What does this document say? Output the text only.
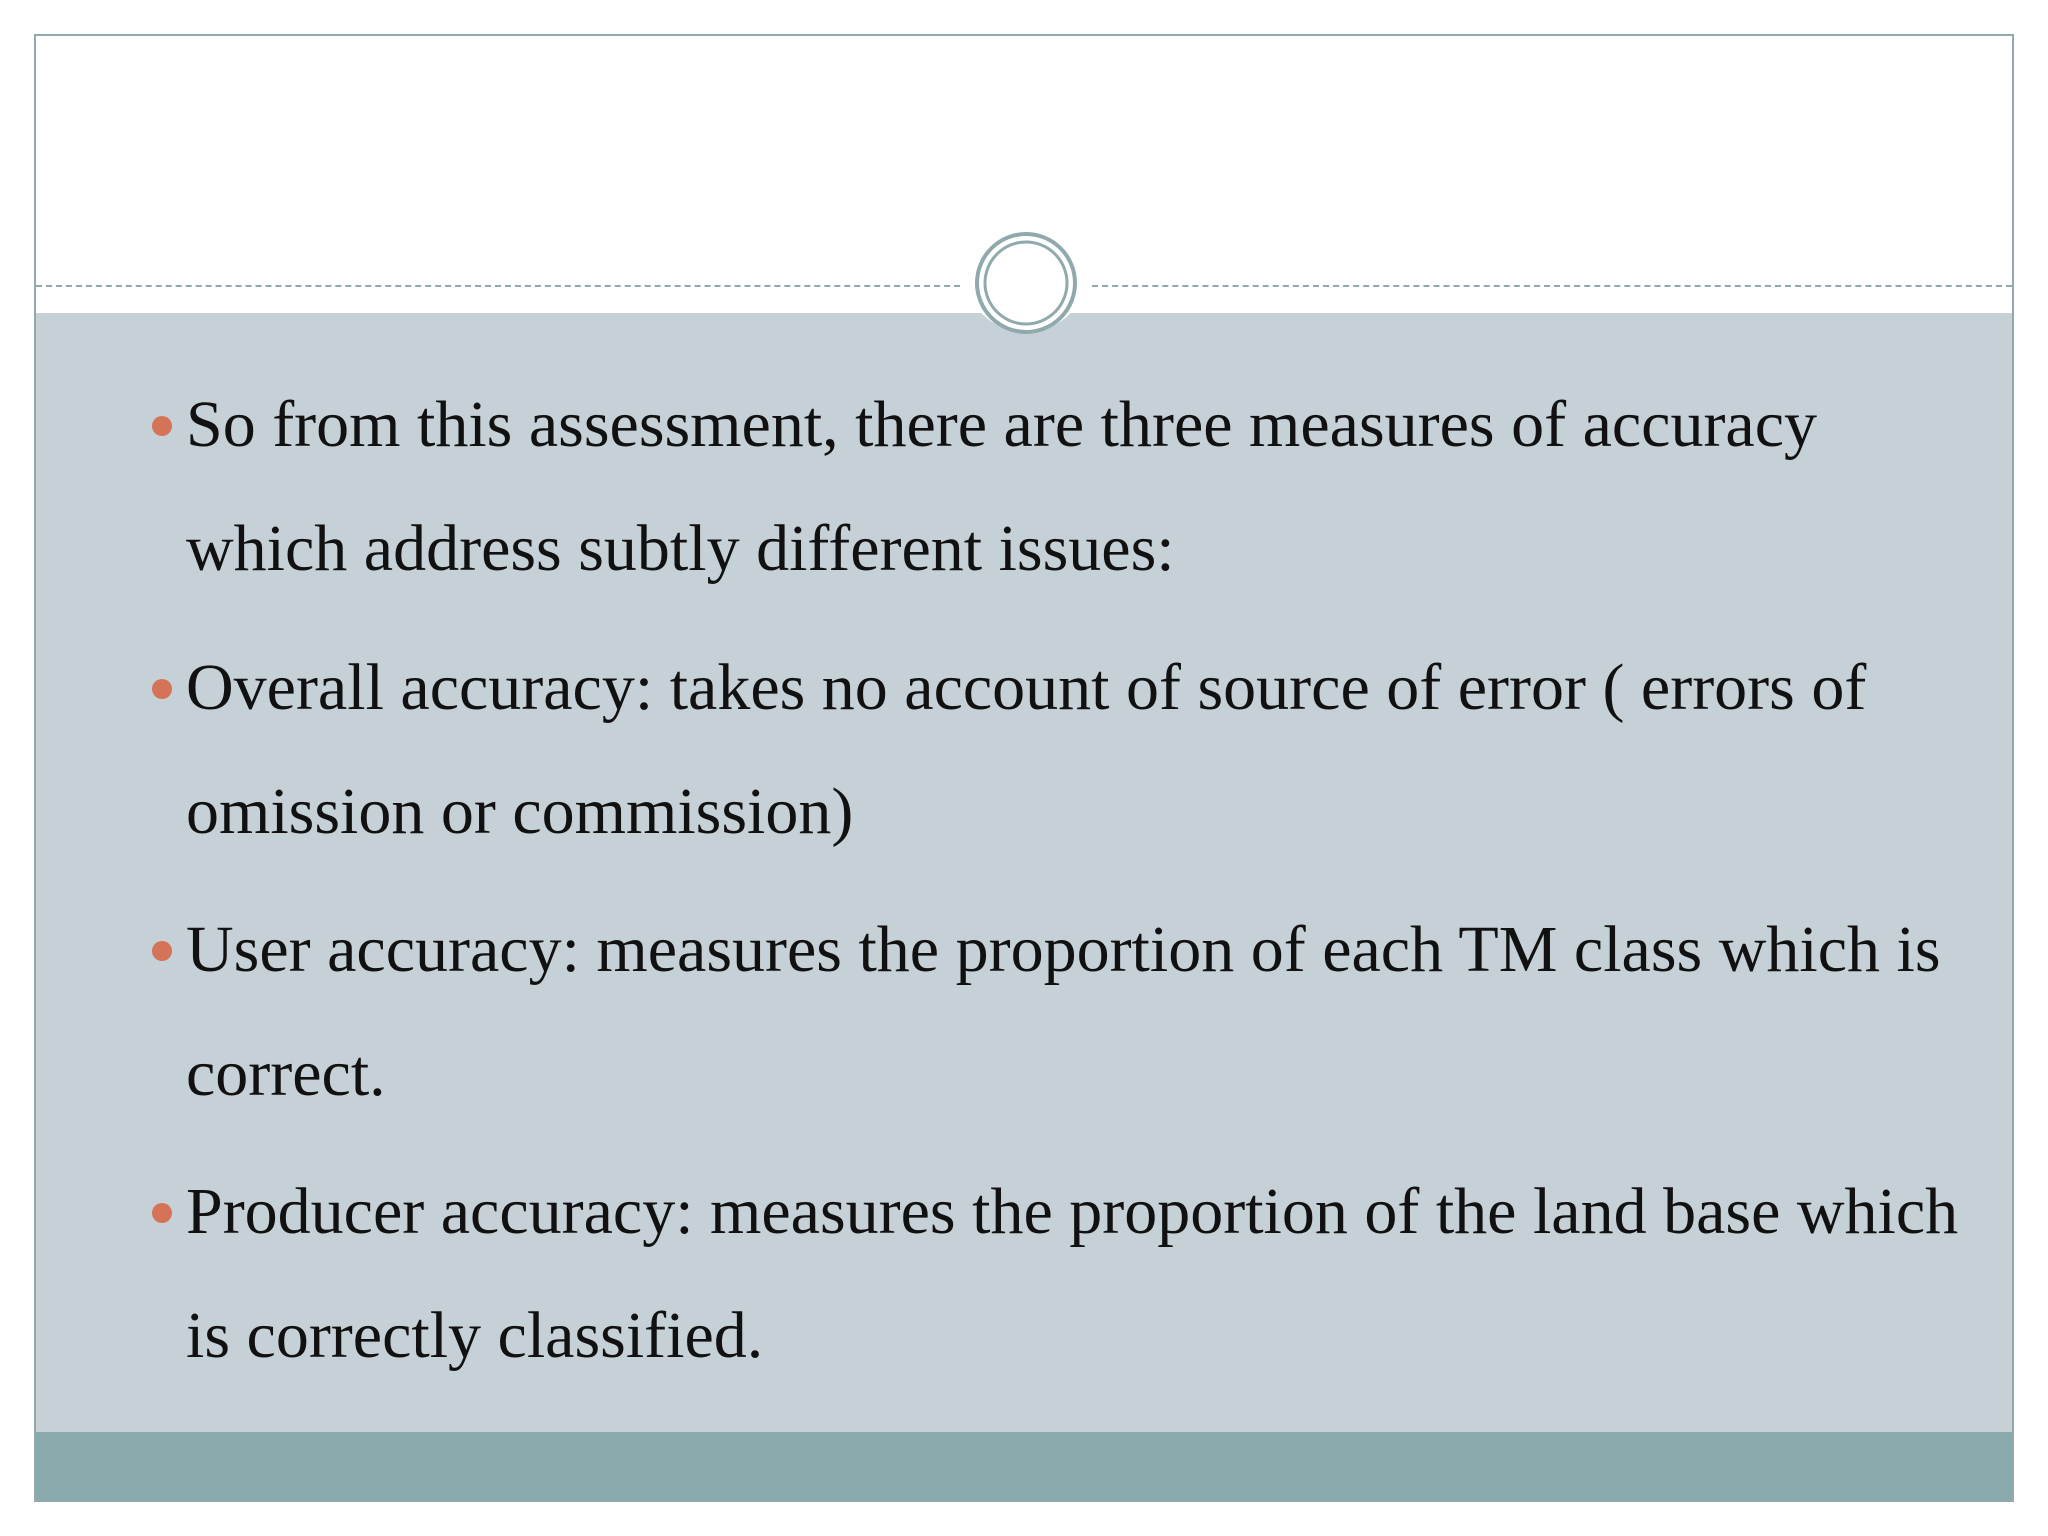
So from this assessment, there are three measures of accuracy which address subtly different issues:
Overall accuracy: takes no account of source of error ( errors of omission or commission)
User accuracy: measures the proportion of each TM class which is correct.
Producer accuracy: measures the proportion of the land base which is correctly classified.
